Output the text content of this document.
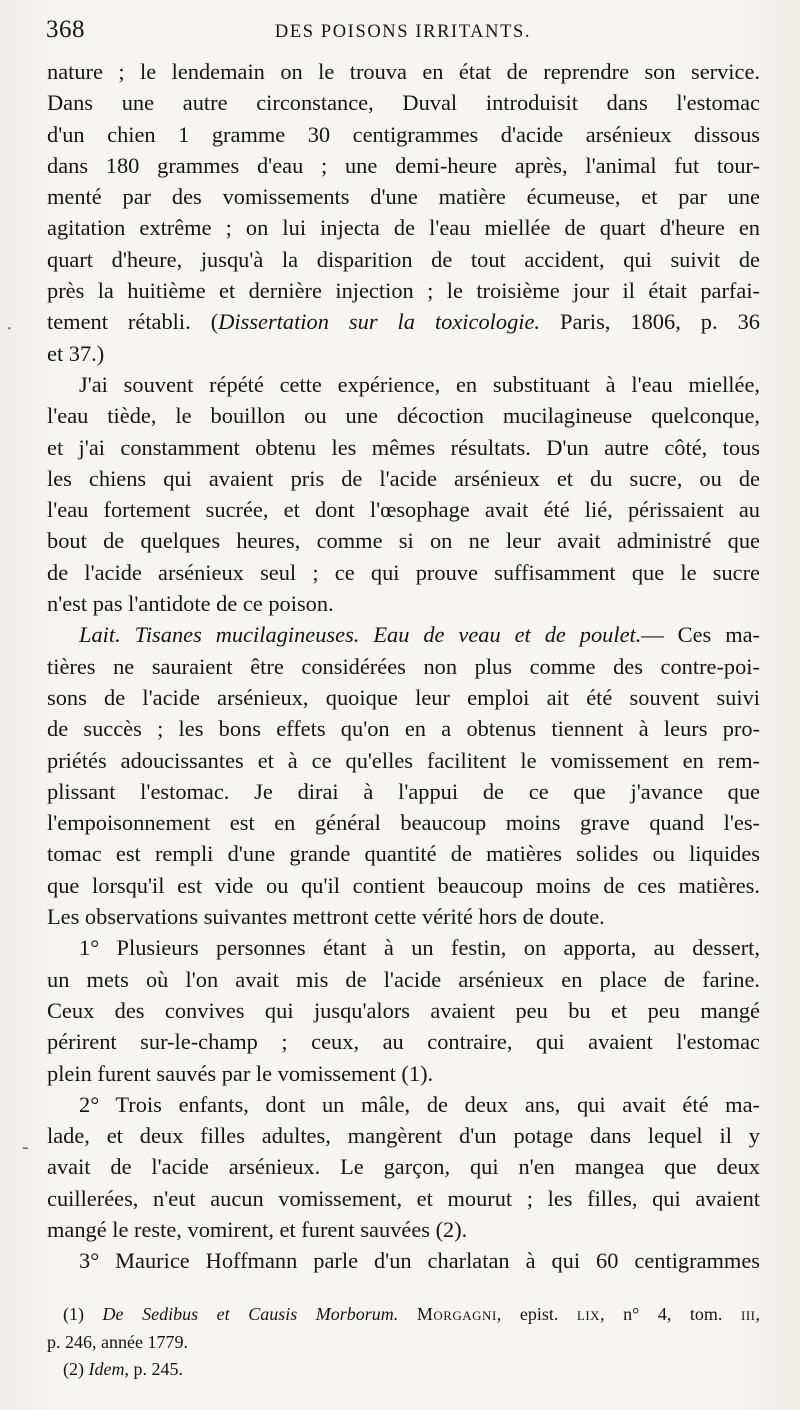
368	DES POISONS IRRITANTS.
nature ; le lendemain on le trouva en état de reprendre son service.
Dans une autre circonstance, Duval introduisit dans l'estomac
d'un chien 1 gramme 30 centigrammes d'acide arsénieux dissous
dans 180 grammes d'eau ; une demi-heure après, l'animal fut tour-
menté par des vomissements d'une matière écumeuse, et par une
agitation extrême ; on lui injecta de l'eau miellée de quart d'heure en
quart d'heure, jusqu'à la disparition de tout accident, qui suivit de
près la huitième et dernière injection ; le troisième jour il était parfai-
tement rétabli. (Dissertation sur la toxicologie. Paris, 1806, p. 36
et 37.)
J'ai souvent répété cette expérience, en substituant à l'eau miellée,
l'eau tiède, le bouillon ou une décoction mucilagineuse quelconque,
et j'ai constamment obtenu les mêmes résultats. D'un autre côté, tous
les chiens qui avaient pris de l'acide arsénieux et du sucre, ou de
l'eau fortement sucrée, et dont l'œsophage avait été lié, périssaient au
bout de quelques heures, comme si on ne leur avait administré que
de l'acide arsénieux seul ; ce qui prouve suffisamment que le sucre
n'est pas l'antidote de ce poison.
Lait. Tisanes mucilagineuses. Eau de veau et de poulet.— Ces ma-
tières ne sauraient être considérées non plus comme des contre-poi-
sons de l'acide arsénieux, quoique leur emploi ait été souvent suivi
de succès ; les bons effets qu'on en a obtenus tiennent à leurs pro-
priétés adoucissantes et à ce qu'elles facilitent le vomissement en rem-
plissant l'estomac. Je dirai à l'appui de ce que j'avance que
l'empoisonnement est en général beaucoup moins grave quand l'es-
tomac est rempli d'une grande quantité de matières solides ou liquides
que lorsqu'il est vide ou qu'il contient beaucoup moins de ces matières.
Les observations suivantes mettront cette vérité hors de doute.
1° Plusieurs personnes étant à un festin, on apporta, au dessert,
un mets où l'on avait mis de l'acide arsénieux en place de farine.
Ceux des convives qui jusqu'alors avaient peu bu et peu mangé
périrent sur-le-champ ; ceux, au contraire, qui avaient l'estomac
plein furent sauvés par le vomissement (1).
2° Trois enfants, dont un mâle, de deux ans, qui avait été ma-
lade, et deux filles adultes, mangèrent d'un potage dans lequel il y
avait de l'acide arsénieux. Le garçon, qui n'en mangea que deux
cuillerées, n'eut aucun vomissement, et mourut ; les filles, qui avaient
mangé le reste, vomirent, et furent sauvées (2).
3° Maurice Hoffmann parle d'un charlatan à qui 60 centigrammes
(1) De Sedibus et Causis Morborum. Morgagni, epist. lix, n° 4, tom. iii,
p. 246, année 1779.
(2) Idem, p. 245.
·
-
